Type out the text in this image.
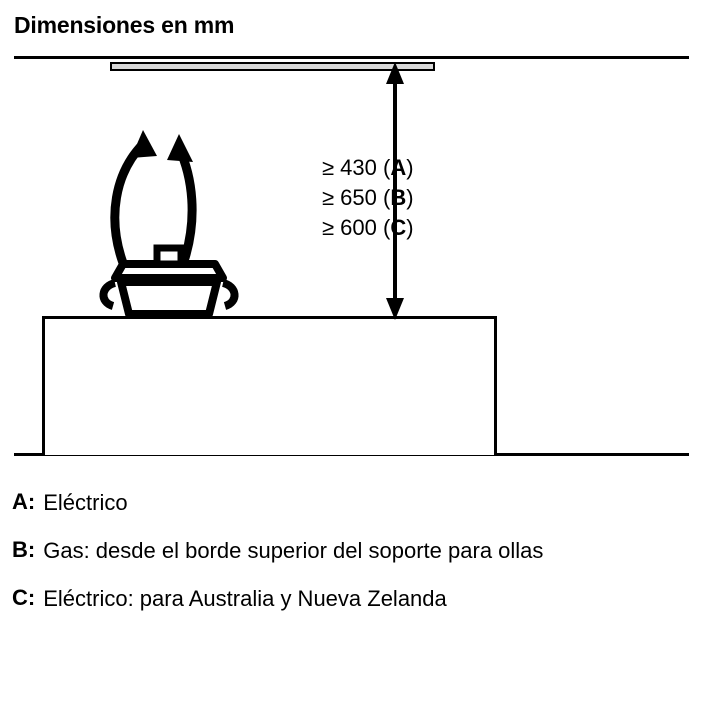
Dimensiones en mm
≥ 430 (A)
≥ 650 (B)
≥ 600 (C)
A: Eléctrico
B: Gas: desde el borde superior del soporte para ollas
C: Eléctrico: para Australia y Nueva Zelanda
